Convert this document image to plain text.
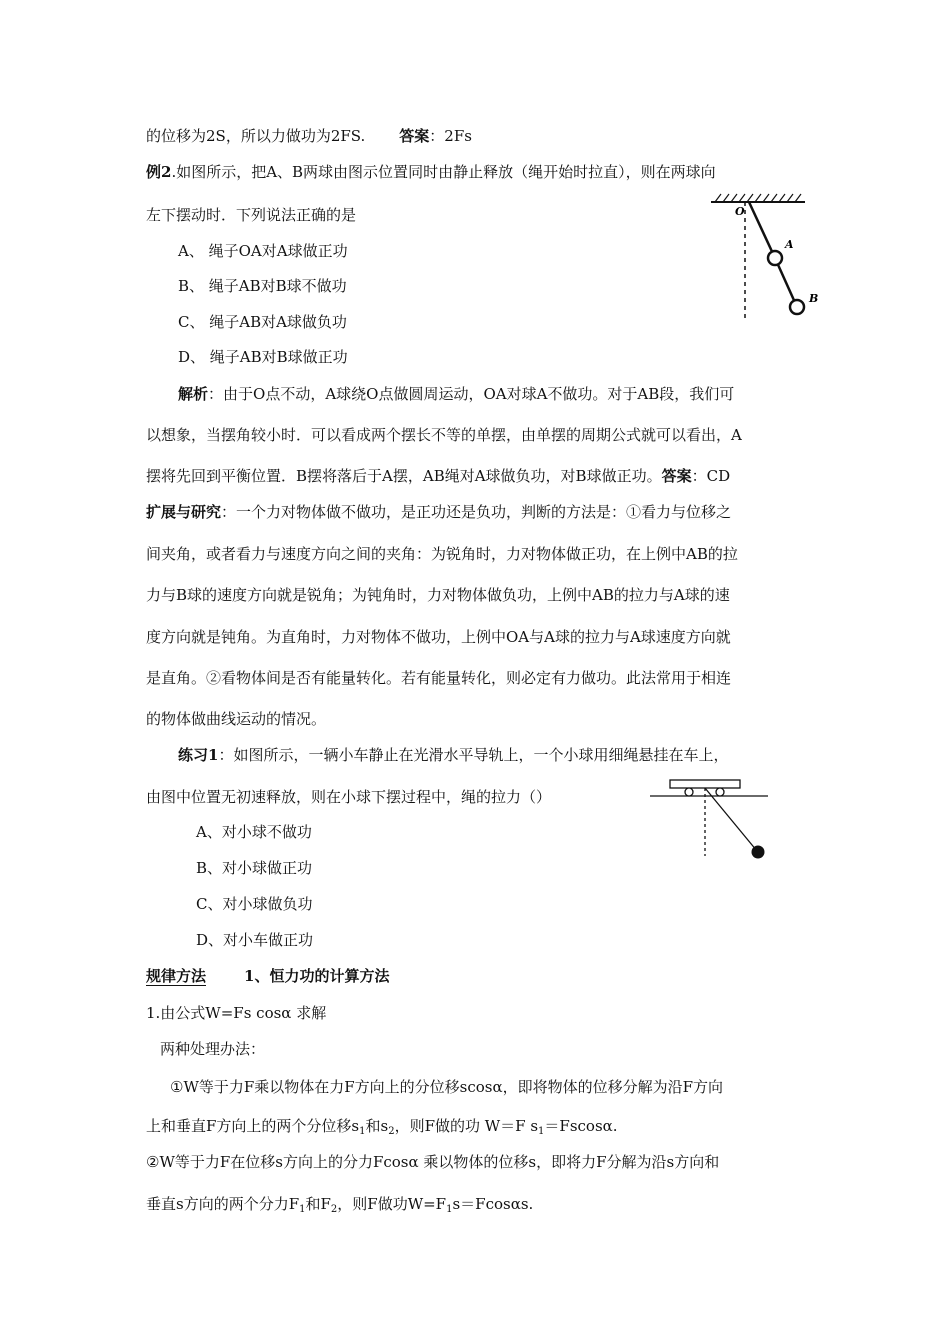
的位移为2S，所以力做功为2FS. 答案：2Fs
例2.如图所示，把A、B两球由图示位置同时由静止释放（绳开始时拉直），则在两球向
左下摆动时．下列说法正确的是
A、 绳子OA对A球做正功
B、 绳子AB对B球不做功
C、 绳子AB对A球做负功
D、 绳子AB对B球做正功
O
A
B
解析：由于O点不动，A球绕O点做圆周运动，OA对球A不做功。对于AB段，我们可
以想象，当摆角较小时．可以看成两个摆长不等的单摆，由单摆的周期公式就可以看出，A
摆将先回到平衡位置．B摆将落后于A摆，AB绳对A球做负功，对B球做正功。答案：CD
扩展与研究：一个力对物体做不做功，是正功还是负功，判断的方法是：①看力与位移之
间夹角，或者看力与速度方向之间的夹角：为锐角时，力对物体做正功，在上例中AB的拉
力与B球的速度方向就是锐角；为钝角时，力对物体做负功，上例中AB的拉力与A球的速
度方向就是钝角。为直角时，力对物体不做功，上例中OA与A球的拉力与A球速度方向就
是直角。②看物体间是否有能量转化。若有能量转化，则必定有力做功。此法常用于相连
的物体做曲线运动的情况。
练习1：如图所示，一辆小车静止在光滑水平导轨上，一个小球用细绳悬挂在车上，
由图中位置无初速释放，则在小球下摆过程中，绳的拉力（）
A、对小球不做功
B、对小球做正功
C、对小球做负功
D、对小车做正功
规律方法	1、恒力功的计算方法
1.由公式W=Fs cosα 求解
两种处理办法：
①W等于力F乘以物体在力F方向上的分位移scosα，即将物体的位移分解为沿F方向
上和垂直F方向上的两个分位移$s_1$和$s_2$，则F做的功 W＝F $s_1=Fscos\alpha$.
②W等于力F在位移s方向上的分力Fcosα 乘以物体的位移s，即将力F分解为沿s方向和
垂直s方向的两个分力$F_1$和$F_2$，则F做功$W=F_1s=Fcos\alpha s$.
